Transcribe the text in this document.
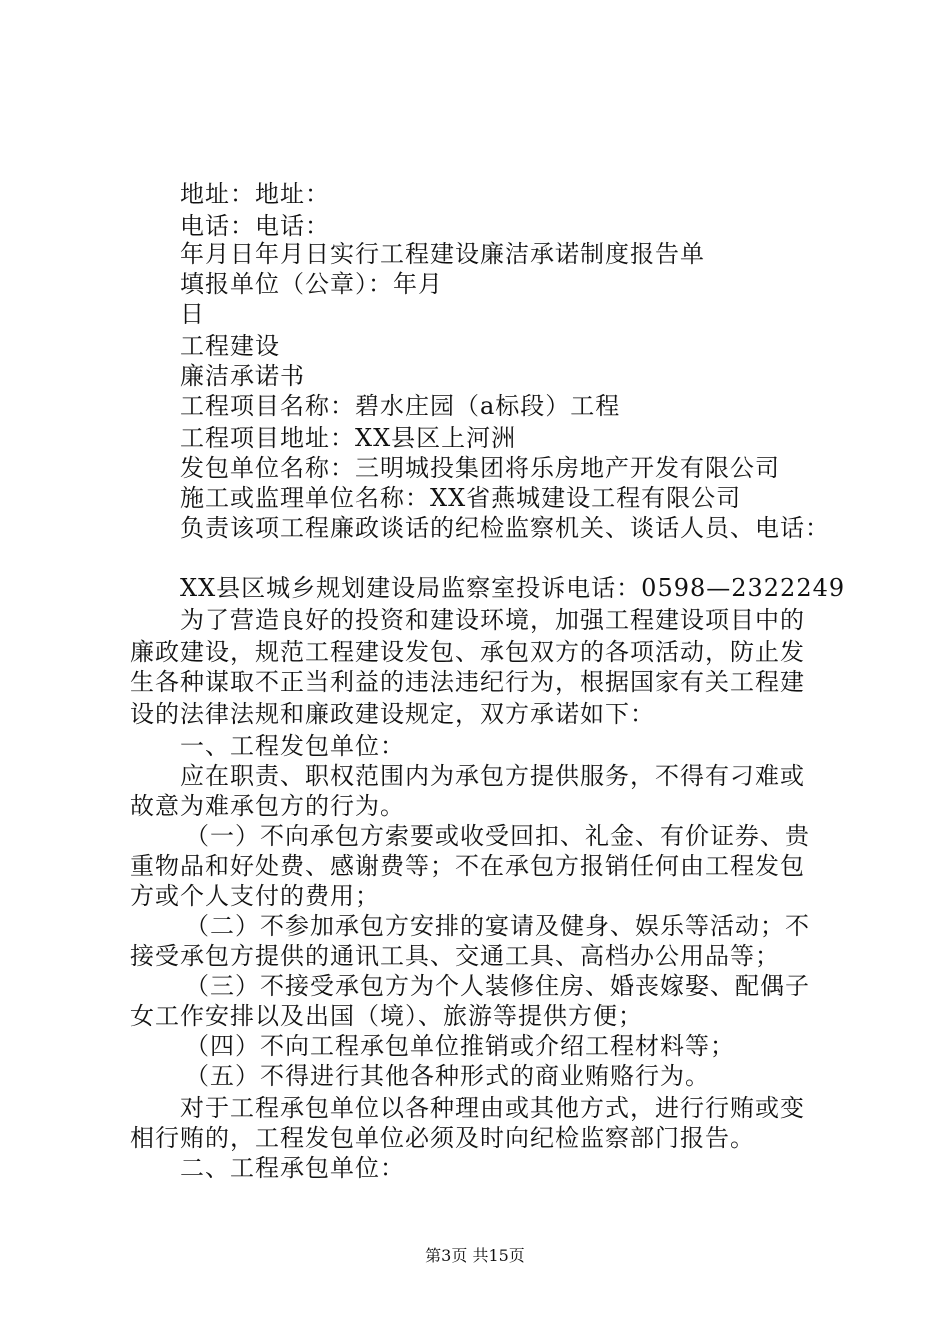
地址：地址：
电话：电话：
年月日年月日实行工程建设廉洁承诺制度报告单
填报单位（公章）：年月
日
工程建设
廉洁承诺书
工程项目名称：碧水庄园（a标段）工程
工程项目地址：XX县区上河洲
发包单位名称：三明城投集团将乐房地产开发有限公司
施工或监理单位名称：XX省燕城建设工程有限公司
负责该项工程廉政谈话的纪检监察机关、谈话人员、电话：
XX县区城乡规划建设局监察室投诉电话：0598—2322249
为了营造良好的投资和建设环境，加强工程建设项目中的
廉政建设，规范工程建设发包、承包双方的各项活动，防止发
生各种谋取不正当利益的违法违纪行为，根据国家有关工程建
设的法律法规和廉政建设规定，双方承诺如下：
一、工程发包单位：
应在职责、职权范围内为承包方提供服务，不得有刁难或
故意为难承包方的行为。
（一）不向承包方索要或收受回扣、礼金、有价证券、贵
重物品和好处费、感谢费等；不在承包方报销任何由工程发包
方或个人支付的费用；
（二）不参加承包方安排的宴请及健身、娱乐等活动；不
接受承包方提供的通讯工具、交通工具、高档办公用品等；
（三）不接受承包方为个人装修住房、婚丧嫁娶、配偶子
女工作安排以及出国（境）、旅游等提供方便；
（四）不向工程承包单位推销或介绍工程材料等；
（五）不得进行其他各种形式的商业贿赂行为。
对于工程承包单位以各种理由或其他方式，进行行贿或变
相行贿的，工程发包单位必须及时向纪检监察部门报告。
二、工程承包单位：
第3页 共15页
